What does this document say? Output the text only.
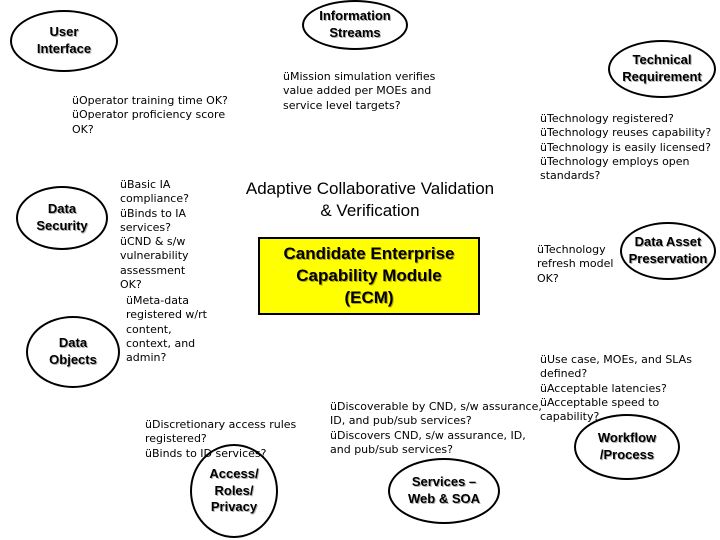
User
Interface
Information
Streams
Technical
Requirement
Data
Security
Data Asset
Preservation
Data
Objects
Workflow
/Process
Access/
Roles/
Privacy
Services –
Web & SOA
Adaptive Collaborative Validation
& Verification
Candidate Enterprise
Capability Module
(ECM)
üOperator training time OK?
üOperator proficiency score
OK?
üMission simulation verifies
value added per MOEs and
service level targets?
üTechnology registered?
üTechnology reuses capability?
üTechnology is easily licensed?
üTechnology employs open
standards?
üBasic IA
compliance?
üBinds to IA
services?
üCND & s/w
vulnerability
assessment
OK?
üTechnology
refresh model
OK?
üMeta-data
registered w/rt
content,
context, and
admin?	üUse case, MOEs, and SLAs
defined?
üAcceptable latencies?
üAcceptable speed to capability?
üDiscretionary access rules
registered?
üBinds to ID services?
üDiscoverable by CND, s/w assurance,
ID, and pub/sub services?
üDiscovers CND, s/w assurance, ID,
and pub/sub services?
